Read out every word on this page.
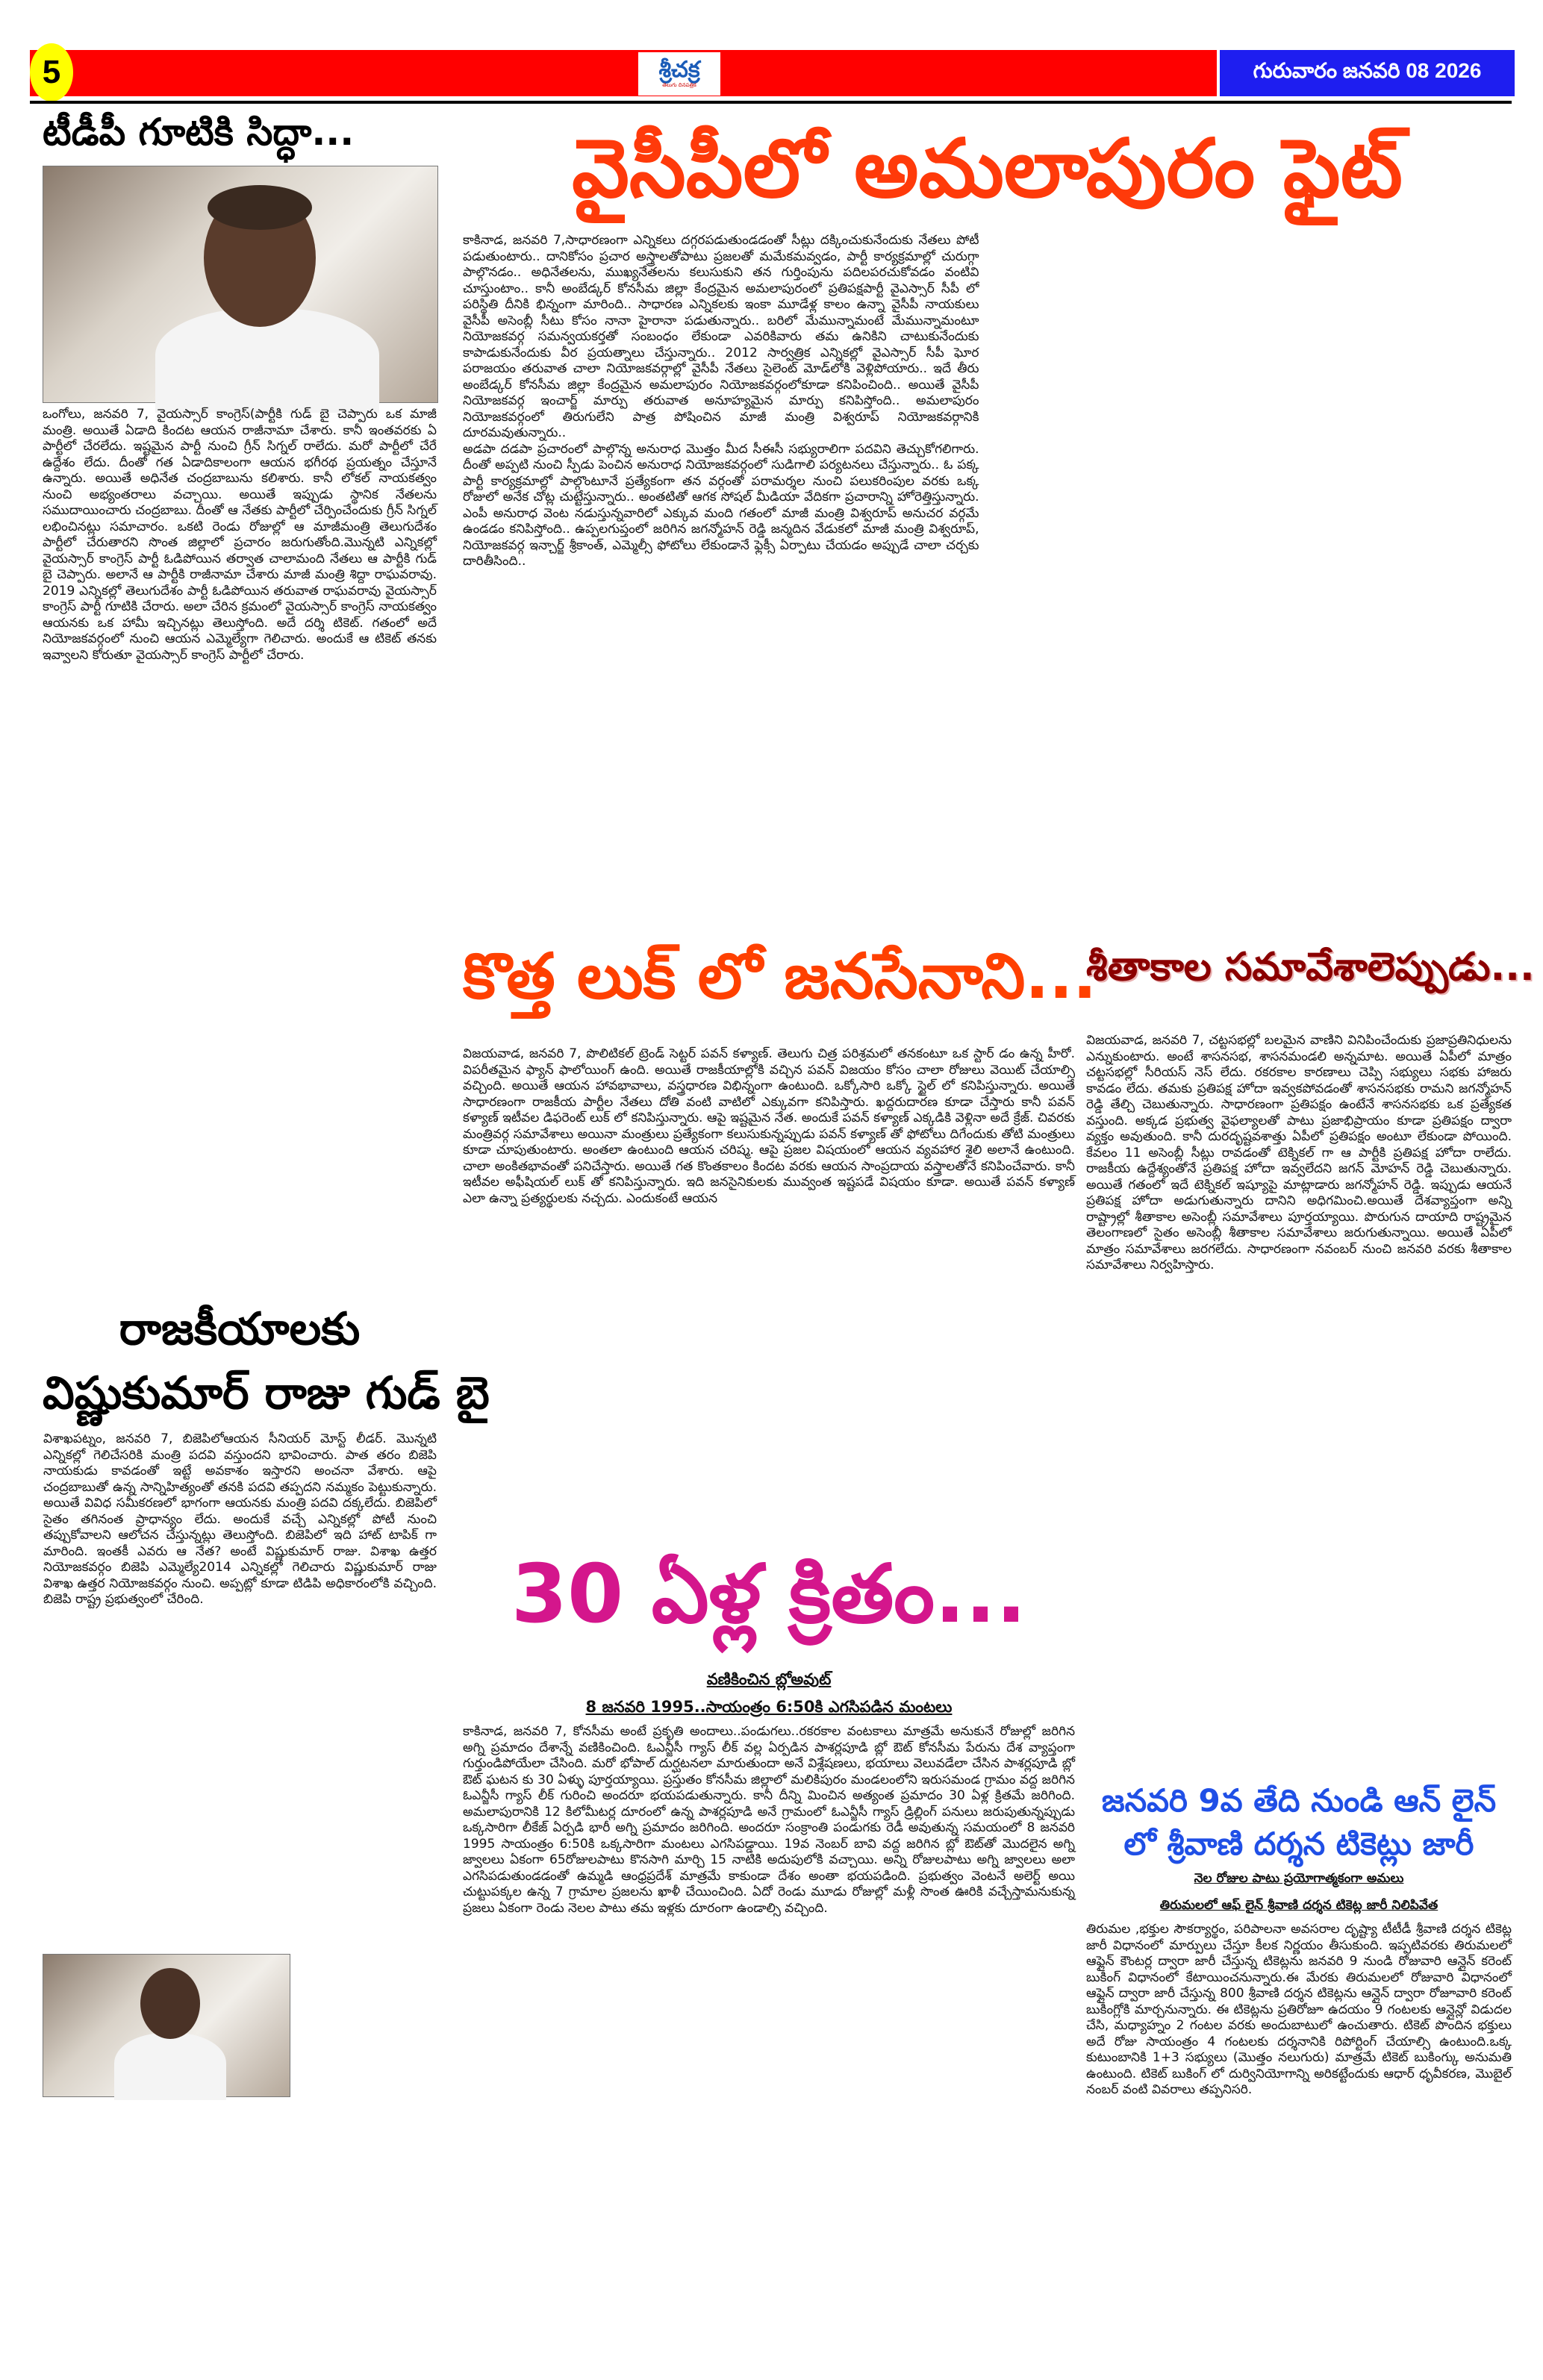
5	శ్రీచక్ర
తెలుగు దినపత్రిక
గురువారం జనవరి 08 2026
టీడీపీ గూటికి సిద్ధా...

ఒంగోలు, జనవరి 7, వైయస్సార్ కాంగ్రెస్(పార్టీకి గుడ్ బై చెప్పారు ఒక మాజీ మంత్రి. అయితే ఏడాది కిందట ఆయన రాజీనామా చేశారు. కానీ ఇంతవరకు ఏ పార్టీలో చేరలేదు. ఇష్టమైన పార్టీ నుంచి గ్రీన్ సిగ్నల్ రాలేదు. మరో పార్టీలో చేరే ఉద్దేశం లేదు. దీంతో గత ఏడాదికాలంగా ఆయన భగీరథ ప్రయత్నం చేస్తూనే ఉన్నారు. అయితే అధినేత చంద్రబాబును కలిశారు. కానీ లోకల్ నాయకత్వం నుంచి అభ్యంతరాలు వచ్చాయి. అయితే ఇప్పుడు స్థానిక నేతలను సముదాయించారు చంద్రబాబు. దీంతో ఆ నేతకు పార్టీలో చేర్పించేందుకు గ్రీన్ సిగ్నల్ లభించినట్లు సమాచారం. ఒకటి రెండు రోజుల్లో ఆ మాజీమంత్రి తెలుగుదేశం పార్టీలో చేరుతారని సొంత జిల్లాలో ప్రచారం జరుగుతోంది.మొన్నటి ఎన్నికల్లో వైయస్సార్ కాంగ్రెస్ పార్టీ ఓడిపోయిన తర్వాత చాలామంది నేతలు ఆ పార్టీకి గుడ్ బై చెప్పారు. అలానే ఆ పార్టీకి రాజీనామా చేశారు మాజీ మంత్రి శిద్దా రాఘవరావు. 2019 ఎన్నికల్లో తెలుగుదేశం పార్టీ ఓడిపోయిన తరువాత రాఘవరావు వైయస్సార్ కాంగ్రెస్ పార్టీ గూటికి చేరారు. అలా చేరిన క్రమంలో వైయస్సార్ కాంగ్రెస్ నాయకత్వం ఆయనకు ఒక హామీ ఇచ్చినట్లు తెలుస్తోంది. అదే దర్శి టికెట్. గతంలో అదే నియోజకవర్గంలో నుంచి ఆయన ఎమ్మెల్యేగా గెలిచారు. అందుకే ఆ టికెట్ తనకు ఇవ్వాలని కోరుతూ వైయస్సార్ కాంగ్రెస్ పార్టీలో చేరారు.

రాజకీయాలకు
విష్ణుకుమార్ రాజు గుడ్ బై

విశాఖపట్నం, జనవరి 7, బిజెపిలోఆయన సీనియర్ మోస్ట్ లీడర్. మొన్నటి ఎన్నికల్లో గెలిచేసరికి మంత్రి పదవి వస్తుందని భావించారు. పాత తరం బిజెపి నాయకుడు కావడంతో ఇట్టే అవకాశం ఇస్తారని అంచనా వేశారు. ఆపై చంద్రబాబుతో ఉన్న సాన్నిహిత్యంతో తనకి పదవి తప్పదని నమ్మకం పెట్టుకున్నారు. అయితే వివిధ సమీకరణలో భాగంగా ఆయనకు మంత్రి పదవి దక్కలేదు. బిజెపిలో సైతం తగినంత ప్రాధాన్యం లేదు. అందుకే వచ్చే ఎన్నికల్లో పోటీ నుంచి తప్పుకోవాలని ఆలోచన చేస్తున్నట్లు తెలుస్తోంది. బిజెపిలో ఇది హాట్ టాపిక్ గా మారింది. ఇంతకీ ఎవరు ఆ నేత? అంటే విష్ణుకుమార్ రాజు. విశాఖ ఉత్తర నియోజకవర్గం బిజెపి ఎమ్మెల్యే2014 ఎన్నికల్లో గెలిచారు విష్ణుకుమార్ రాజు విశాఖ ఉత్తర నియోజకవర్గం నుంచి. అప్పట్లో కూడా టిడిపి అధికారంలోకి వచ్చింది. బిజెపి రాష్ట్ర ప్రభుత్వంలో చేరింది.

వైసీపీలో అమలాపురం ఫైట్

కాకినాడ, జనవరి 7,సాధారణంగా ఎన్నికలు దగ్గరపడుతుండడంతో సీట్లు దక్కించుకునేందుకు నేతలు పోటీ పడుతుంటారు.. దానికోసం ప్రచార అస్త్రాలతోపాటు ప్రజలతో మమేకమవ్వడం, పార్టీ కార్యక్రమాల్లో చురుగ్గా పాల్గొనడం.. అధినేతలను, ముఖ్యనేతలను కలుసుకుని తన గుర్తింపును పదిలపరచుకోవడం వంటివి చూస్తుంటాం.. కానీ అంబేడ్కర్ కోనసీమ జిల్లా కేంద్రమైన అమలాపురంలో ప్రతిపక్షపార్టీ వైఎస్సార్ సీపీ లో పరిస్థితి దీనికి భిన్నంగా మారింది.. సాధారణ ఎన్నికలకు ఇంకా మూడేళ్ల కాలం ఉన్నా వైసీపీ నాయకులు వైసీపీ అసెంబ్లీ సీటు కోసం నానా హైరానా పడుతున్నారు.. బరిలో మేమున్నామంటే మేమున్నామంటూ నియోజకవర్గ సమన్వయకర్తతో సంబంధం లేకుండా ఎవరికివారు తమ ఉనికిని చాటుకునేందుకు కాపాడుకునేందుకు వీర ప్రయత్నాలు చేస్తున్నారు.. 2012 సార్వత్రిక ఎన్నికల్లో వైఎస్సార్ సీపీ ఘోర పరాజయం తరువాత చాలా నియోజకవర్గాల్లో వైసీపీ నేతలు సైలెంట్ మోడ్‌లోకి వెళ్లిపోయారు.. ఇదే తీరు అంబేడ్కర్ కోనసీమ జిల్లా కేంద్రమైన అమలాపురం నియోజకవర్గంలోకూడా కనిపించింది.. అయితే వైసీపీ నియోజకవర్గ ఇంచార్జ్ మార్పు తరువాత అనూహ్యమైన మార్పు కనిపిస్తోంది.. అమలాపురం నియోజకవర్గంలో తిరుగులేని పాత్ర పోషించిన మాజీ మంత్రి విశ్వరూప్ నియోజకవర్గానికి దూరమవుతున్నారు..

అడపా దడపా ప్రచారంలో పాల్గొన్న అనురాధ మొత్తం మీద సీఈసీ సభ్యురాలిగా పదవిని తెచ్చుకోగలిగారు. దీంతో అప్పటి నుంచి స్పీడు పెంచిన అనురాధ నియోజకవర్గంలో సుడిగాలి పర్యటనలు చేస్తున్నారు.. ఓ పక్క పార్టీ కార్యక్రమాల్లో పాల్గొంటూనే ప్రత్యేకంగా తన వర్గంతో పరామర్శల నుంచి పలుకరింపుల వరకు ఒక్క రోజులో అనేక చోట్ల చుట్టేస్తున్నారు.. అంతటితో ఆగక సోషల్ మీడియా వేదికగా ప్రచారాన్ని హోరెత్తిస్తున్నారు. ఎంపీ అనురాధ వెంట నడుస్తున్నవారిలో ఎక్కువ మంది గతంలో మాజీ మంత్రి విశ్వరూప్ అనుచర వర్గమే ఉండడం కనిపిస్తోంది.. ఉప్పలగుప్తంలో జరిగిన జగన్మోహన్ రెడ్డి జన్మదిన వేడుకలో మాజీ మంత్రి విశ్వరూప్, నియోజకవర్గ ఇన్చార్జ్ శ్రీకాంత్, ఎమ్మెల్సీ ఫోటోలు లేకుండానే ఫ్లెక్సీ ఏర్పాటు చేయడం అప్పుడే చాలా చర్చకు దారితీసింది..

కొత్త లుక్ లో జనసేనాని...

విజయవాడ, జనవరి 7, పొలిటికల్ ట్రెండ్ సెట్టర్ పవన్ కళ్యాణ్. తెలుగు చిత్ర పరిశ్రమలో తనకంటూ ఒక స్టార్ డం ఉన్న హీరో. విపరీతమైన ఫ్యాన్ ఫాలోయింగ్ ఉంది. అయితే రాజకీయాల్లోకి వచ్చిన పవన్ విజయం కోసం చాలా రోజులు వెయిట్ చేయాల్సి వచ్చింది. అయితే ఆయన హావభావాలు, వస్త్రధారణ విభిన్నంగా ఉంటుంది. ఒక్కోసారి ఒక్కో స్టైల్ లో కనిపిస్తున్నారు. అయితే సాధారణంగా రాజకీయ పార్టీల నేతలు దోతి వంటి వాటిలో ఎక్కువగా కనిపిస్తారు. ఖద్దరుదారణ కూడా చేస్తారు కానీ పవన్ కళ్యాణ్ ఇటీవల డిఫరెంట్ లుక్ లో కనిపిస్తున్నారు. ఆపై ఇష్టమైన నేత. అందుకే పవన్ కళ్యాణ్ ఎక్కడికి వెళ్లినా అదే క్రేజ్. చివరకు మంత్రివర్గ సమావేశాలు అయినా మంత్రులు ప్రత్యేకంగా కలుసుకున్నప్పుడు పవన్ కళ్యాణ్ తో ఫోటోలు దిగేందుకు తోటి మంత్రులు కూడా చూపుతుంటారు. అంతలా ఉంటుంది ఆయన చరిష్మ. ఆపై ప్రజల విషయంలో ఆయన వ్యవహార శైలి అలానే ఉంటుంది. చాలా అంకితభావంతో పనిచేస్తారు. అయితే గత కొంతకాలం కిందట వరకు ఆయన సాంప్రదాయ వస్త్రాలతోనే కనిపించేవారు. కానీ ఇటీవల అఫీషియల్ లుక్ తో కనిపిస్తున్నారు. ఇది జనసైనికులకు మువ్వంత ఇష్టపడే విషయం కూడా. అయితే పవన్ కళ్యాణ్ ఎలా ఉన్నా ప్రత్యర్థులకు నచ్చదు. ఎందుకంటే ఆయన

శీతాకాల సమావేశాలెప్పుడు...

విజయవాడ, జనవరి 7, చట్టసభల్లో బలమైన వాణిని వినిపించేందుకు ప్రజాప్రతినిధులను ఎన్నుకుంటారు. అంటే శాసనసభ, శాసనమండలి అన్నమాట. అయితే ఏపీలో మాత్రం చట్టసభల్లో సీరియస్ నెస్ లేదు. రకరకాల కారణాలు చెప్పి సభ్యులు సభకు హాజరు కావడం లేదు. తమకు ప్రతిపక్ష హోదా ఇవ్వకపోవడంతో శాసనసభకు రామని జగన్మోహన్ రెడ్డి తేల్చి చెబుతున్నారు. సాధారణంగా ప్రతిపక్షం ఉంటేనే శాసనసభకు ఒక ప్రత్యేకత వస్తుంది. అక్కడ ప్రభుత్వ వైఫల్యాలతో పాటు ప్రజాభిప్రాయం కూడా ప్రతిపక్షం ద్వారా వ్యక్తం అవుతుంది. కానీ దురదృష్టవశాత్తు ఏపీలో ప్రతిపక్షం అంటూ లేకుండా పోయింది. కేవలం 11 అసెంబ్లీ సీట్లు రావడంతో టెక్నికల్ గా ఆ పార్టీకి ప్రతిపక్ష హోదా రాలేదు. రాజకీయ ఉద్దేశ్యంతోనే ప్రతిపక్ష హోదా ఇవ్వలేదని జగన్ మోహన్ రెడ్డి చెబుతున్నారు. అయితే గతంలో ఇదే టెక్నికల్ ఇష్యూపై మాట్లాడారు జగన్మోహన్ రెడ్డి. ఇప్పుడు ఆయనే ప్రతిపక్ష హోదా అడుగుతున్నారు దానిని అధిగమించి.అయితే దేశవ్యాప్తంగా అన్ని రాష్ట్రాల్లో శీతాకాల అసెంబ్లీ సమావేశాలు పూర్తయ్యాయి. పొరుగున దాయాది రాష్ట్రమైన తెలంగాణలో సైతం అసెంబ్లీ శీతాకాల సమావేశాలు జరుగుతున్నాయి. అయితే ఏపీలో మాత్రం సమావేశాలు జరగలేదు. సాధారణంగా నవంబర్ నుంచి జనవరి వరకు శీతాకాల సమావేశాలు నిర్వహిస్తారు.

30 ఏళ్ల క్రితం...
వణికించిన బ్లోఅవుట్
8 జనవరి 1995..సాయంత్రం 6:50కి ఎగసిపడిన మంటలు

కాకినాడ, జనవరి 7, కోనసీమ అంటే ప్రకృతి అందాలు..పండుగలు..రకరకాల వంటకాలు మాత్రమే అనుకునే రోజుల్లో జరిగిన అగ్ని ప్రమాదం దేశాన్నే వణికించింది. ఓఎన్జీసీ గ్యాస్ లీక్ వల్ల ఏర్పడిన పాశర్లపూడి బ్లో ఔట్ కోనసీమ పేరును దేశ వ్యాప్తంగా గుర్తుండిపోయేలా చేసింది. మరో భోపాల్ దుర్ఘటనలా మారుతుందా అనే విశ్లేషణలు, భయాలు వెలువడేలా చేసిన పాశర్లపూడి బ్లో ఔట్ ఘటన కు 30 ఏళ్ళు పూర్తయ్యాయి. ప్రస్తుతం కోనసీమ జిల్లాలో మలికిపురం మండలంలోని ఇరుసమండ గ్రామం వద్ద జరిగిన ఓఎన్జీసీ గ్యాస్ లీక్ గురించి అందరూ భయపడుతున్నారు. కానీ దీన్ని మించిన అత్యంత ప్రమాదం 30 ఏళ్ల క్రితమే జరిగింది. అమలాపురానికి 12 కిలోమీటర్ల దూరంలో ఉన్న పాశర్లపూడి అనే గ్రామంలో ఓఎన్జీసీ గ్యాస్ డ్రిల్లింగ్ పనులు జరుపుతున్నప్పుడు ఒక్కసారిగా లీకేజ్ ఏర్పడి భారీ అగ్ని ప్రమాదం జరిగింది. అందరూ సంక్రాంతి పండుగకు రెడీ అవుతున్న సమయంలో 8 జనవరి 1995 సాయంత్రం 6:50కి ఒక్కసారిగా మంటలు ఎగసిపడ్డాయి. 19వ నెంబర్ బావి వద్ద జరిగిన బ్లో ఔట్‌తో మొదలైన అగ్ని జ్వాలలు ఏకంగా 65రోజులపాటు కొనసాగి మార్చి 15 నాటికి అదుపులోకి వచ్చాయి. అన్ని రోజులపాటు అగ్ని జ్వాలలు అలా ఎగసిపడుతుండడంతో ఉమ్మడి ఆంధ్రప్రదేశ్ మాత్రమే కాకుండా దేశం అంతా భయపడింది. ప్రభుత్వం వెంటనే అలెర్ట్ అయి చుట్టుపక్కల ఉన్న 7 గ్రామాల ప్రజలను ఖాళీ చేయించింది. ఏదో రెండు మూడు రోజుల్లో మళ్లీ సొంత ఊరికి వచ్చేస్తామనుకున్న ప్రజలు ఏకంగా రెండు నెలల పాటు తమ ఇళ్లకు దూరంగా ఉండాల్సి వచ్చింది.

జనవరి 9వ తేది నుండి ఆన్ లైన్
లో శ్రీవాణి దర్శన టికెట్లు జారీ
నెల రోజుల పాటు ప్రయోగాత్మకంగా అమలు
తిరుమలలో ఆఫ్ లైన్ శ్రీవాణి దర్శన టికెట్ల జారీ నిలిపివేత

తిరుమల ,భక్తుల సౌకర్యార్థం, పరిపాలనా అవసరాల దృష్ట్యా టీటీడీ శ్రీవాణి దర్శన టికెట్ల జారీ విధానంలో మార్పులు చేస్తూ కీలక నిర్ణయం తీసుకుంది. ఇప్పటివరకు తిరుమలలో ఆఫ్లైన్ కౌంటర్ల ద్వారా జారీ చేస్తున్న టికెట్లను జనవరి 9 నుండి రోజువారి ఆన్లైన్ కరెంట్ బుకింగ్ విధానంలో కేటాయించనున్నారు.ఈ మేరకు తిరుమలలో రోజువారి విధానంలో ఆఫ్లైన్ ద్వారా జారీ చేస్తున్న 800 శ్రీవాణి దర్శన టికెట్లను ఆన్లైన్ ద్వారా రోజూవారి కరెంట్ బుకింగ్లోకి మార్చనున్నారు. ఈ టికెట్లను ప్రతిరోజూ ఉదయం 9 గంటలకు ఆన్లైన్లో విడుదల చేసి, మధ్యాహ్నం 2 గంటల వరకు అందుబాటులో ఉంచుతారు. టికెట్ పొందిన భక్తులు అదే రోజు సాయంత్రం 4 గంటలకు దర్శనానికి రిపోర్టింగ్ చేయాల్సి ఉంటుంది.ఒక్క కుటుంబానికి 1+3 సభ్యులు (మొత్తం నలుగురు) మాత్రమే టికెట్ బుకింగ్కు అనుమతి ఉంటుంది. టికెట్ బుకింగ్ లో దుర్వినియోగాన్ని అరికట్టేందుకు ఆధార్ ధృవీకరణ, మొబైల్ నంబర్ వంటి వివరాలు తప్పనిసరి.
